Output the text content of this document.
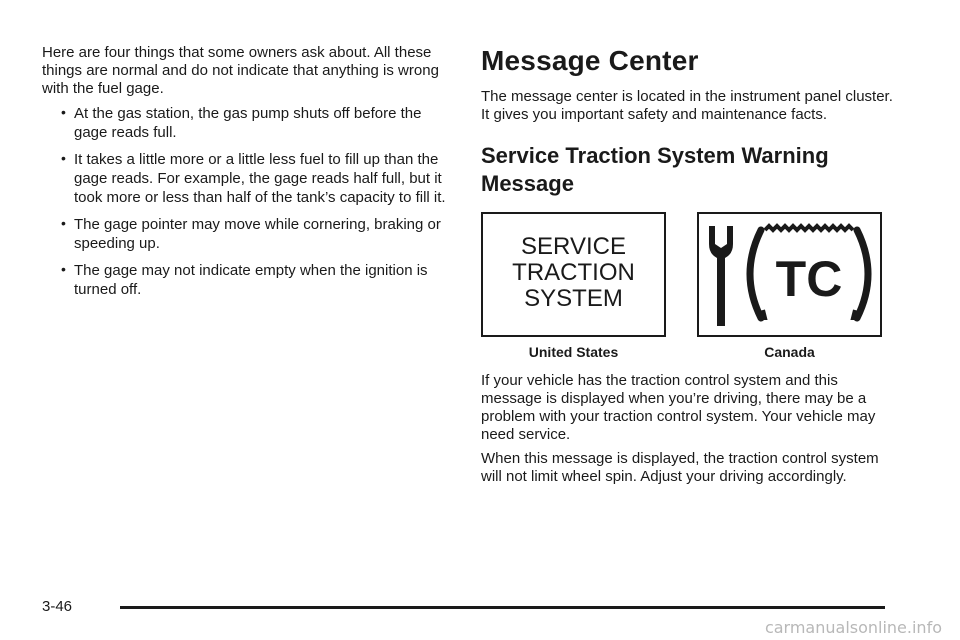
Here are four things that some owners ask about. All these things are normal and do not indicate that anything is wrong with the fuel gage.

• At the gas station, the gas pump shuts off before the gage reads full.
• It takes a little more or a little less fuel to fill up than the gage reads. For example, the gage reads half full, but it took more or less than half of the tank’s capacity to fill it.
• The gage pointer may move while cornering, braking or speeding up.
• The gage may not indicate empty when the ignition is turned off.
Message Center

The message center is located in the instrument panel cluster. It gives you important safety and maintenance facts.

Service Traction System Warning Message
SERVICE
TRACTION
SYSTEM	TC
United States	Canada

If your vehicle has the traction control system and this message is displayed when you’re driving, there may be a problem with your traction control system. Your vehicle may need service.

When this message is displayed, the traction control system will not limit wheel spin. Adjust your driving accordingly.

3-46
carmanualsonline.info
